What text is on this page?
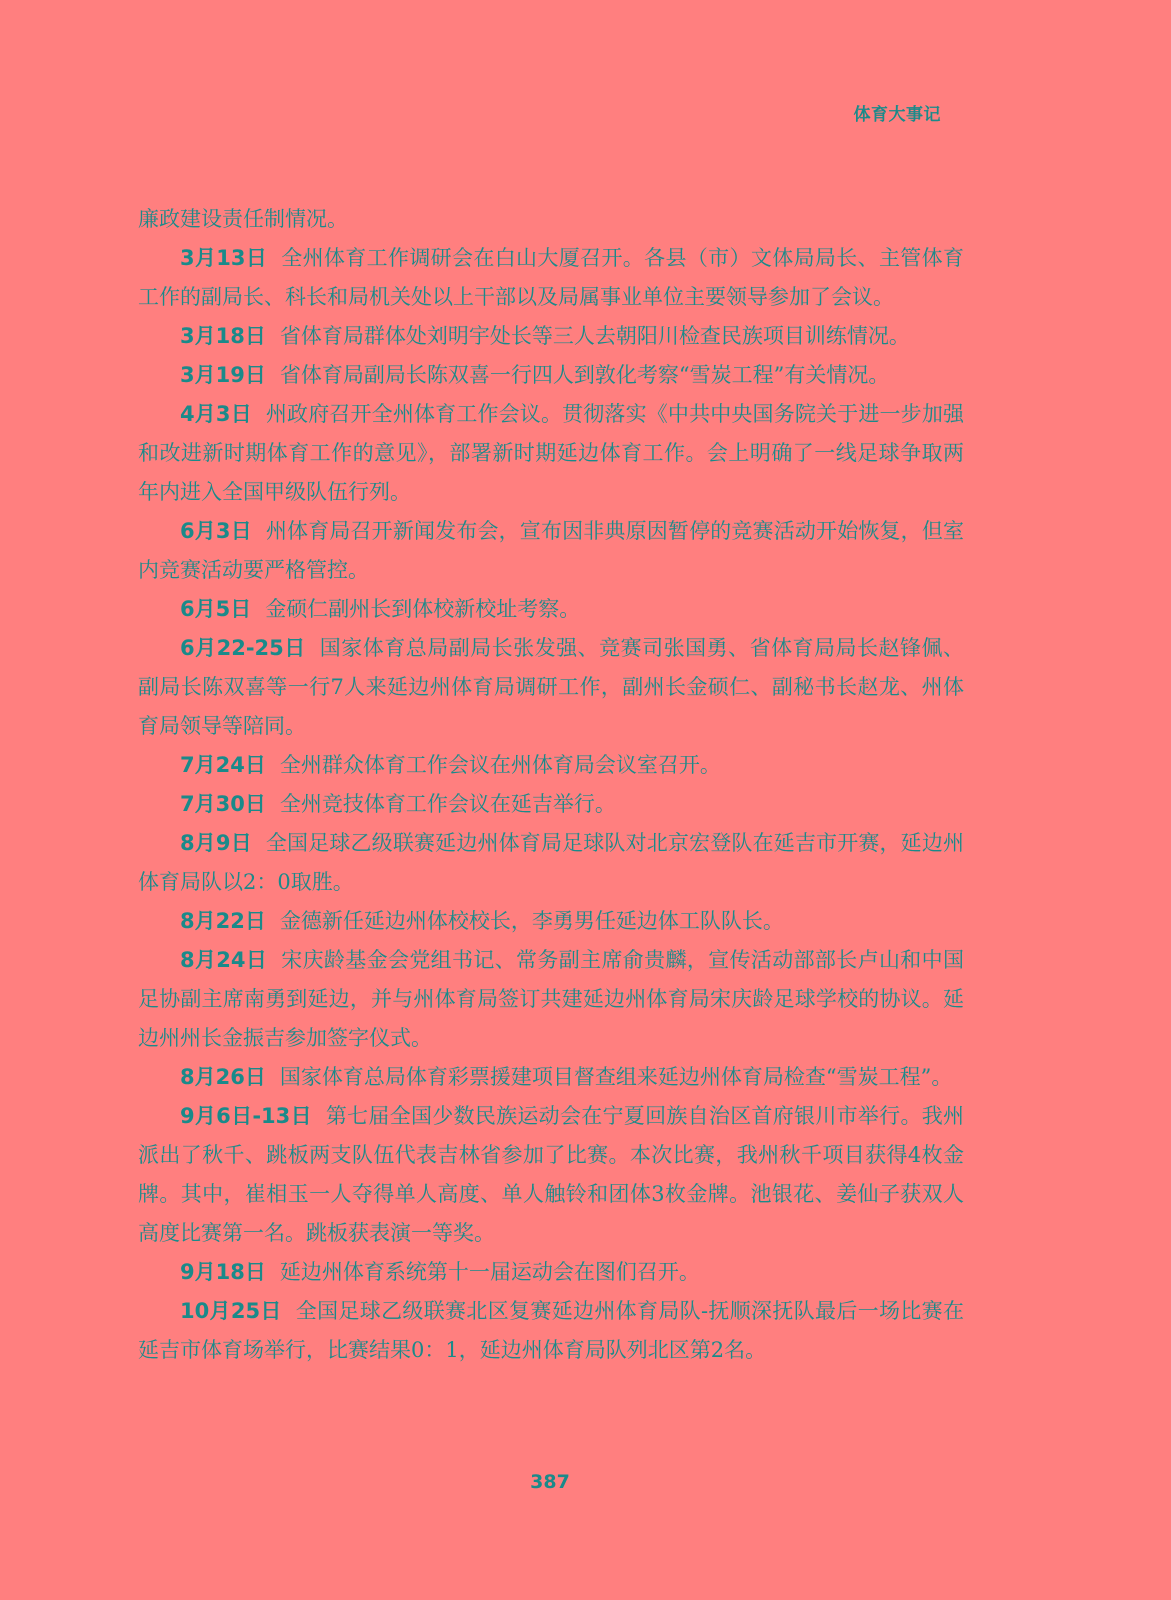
体育大事记

廉政建设责任制情况。

3月13日 全州体育工作调研会在白山大厦召开。各县（市）文体局局长、主管体育工作的副局长、科长和局机关处以上干部以及局属事业单位主要领导参加了会议。

3月18日 省体育局群体处刘明宇处长等三人去朝阳川检查民族项目训练情况。

3月19日 省体育局副局长陈双喜一行四人到敦化考察“雪炭工程”有关情况。

4月3日 州政府召开全州体育工作会议。贯彻落实《中共中央国务院关于进一步加强和改进新时期体育工作的意见》，部署新时期延边体育工作。会上明确了一线足球争取两年内进入全国甲级队伍行列。

6月3日 州体育局召开新闻发布会，宣布因非典原因暂停的竞赛活动开始恢复，但室内竞赛活动要严格管控。

6月5日 金硕仁副州长到体校新校址考察。

6月22-25日 国家体育总局副局长张发强、竞赛司张国勇、省体育局局长赵锋佩、副局长陈双喜等一行7人来延边州体育局调研工作，副州长金硕仁、副秘书长赵龙、州体育局领导等陪同。

7月24日 全州群众体育工作会议在州体育局会议室召开。

7月30日 全州竞技体育工作会议在延吉举行。

8月9日 全国足球乙级联赛延边州体育局足球队对北京宏登队在延吉市开赛，延边州体育局队以2：0取胜。

8月22日 金德新任延边州体校校长，李勇男任延边体工队队长。

8月24日 宋庆龄基金会党组书记、常务副主席俞贵麟，宣传活动部部长卢山和中国足协副主席南勇到延边，并与州体育局签订共建延边州体育局宋庆龄足球学校的协议。延边州州长金振吉参加签字仪式。

8月26日 国家体育总局体育彩票援建项目督查组来延边州体育局检查“雪炭工程”。

9月6日-13日 第七届全国少数民族运动会在宁夏回族自治区首府银川市举行。我州派出了秋千、跳板两支队伍代表吉林省参加了比赛。本次比赛，我州秋千项目获得4枚金牌。其中，崔相玉一人夺得单人高度、单人触铃和团体3枚金牌。池银花、姜仙子获双人高度比赛第一名。跳板获表演一等奖。

9月18日 延边州体育系统第十一届运动会在图们召开。

10月25日 全国足球乙级联赛北区复赛延边州体育局队-抚顺深抚队最后一场比赛在延吉市体育场举行，比赛结果0：1，延边州体育局队列北区第2名。

387
